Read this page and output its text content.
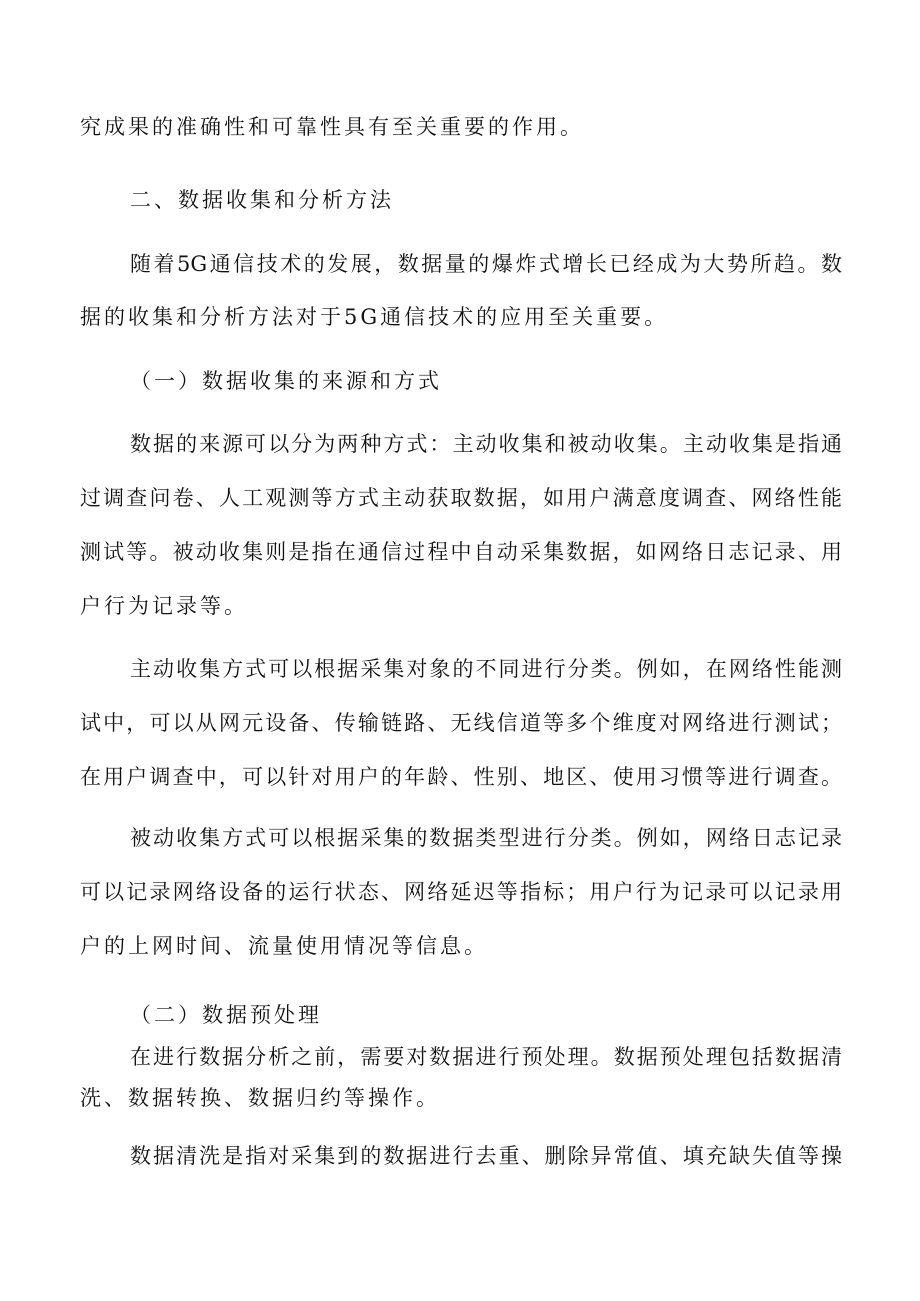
究成果的准确性和可靠性具有至关重要的作用。

二、数据收集和分析方法

随着5G通信技术的发展，数据量的爆炸式增长已经成为大势所趋。数

据的收集和分析方法对于5G通信技术的应用至关重要。

（一）数据收集的来源和方式

数据的来源可以分为两种方式：主动收集和被动收集。主动收集是指通

过调查问卷、人工观测等方式主动获取数据，如用户满意度调查、网络性能

测试等。被动收集则是指在通信过程中自动采集数据，如网络日志记录、用

户行为记录等。

主动收集方式可以根据采集对象的不同进行分类。例如，在网络性能测

试中，可以从网元设备、传输链路、无线信道等多个维度对网络进行测试；

在用户调查中，可以针对用户的年龄、性别、地区、使用习惯等进行调查。

被动收集方式可以根据采集的数据类型进行分类。例如，网络日志记录

可以记录网络设备的运行状态、网络延迟等指标；用户行为记录可以记录用

户的上网时间、流量使用情况等信息。

（二）数据预处理

在进行数据分析之前，需要对数据进行预处理。数据预处理包括数据清

洗、数据转换、数据归约等操作。

数据清洗是指对采集到的数据进行去重、删除异常值、填充缺失值等操
